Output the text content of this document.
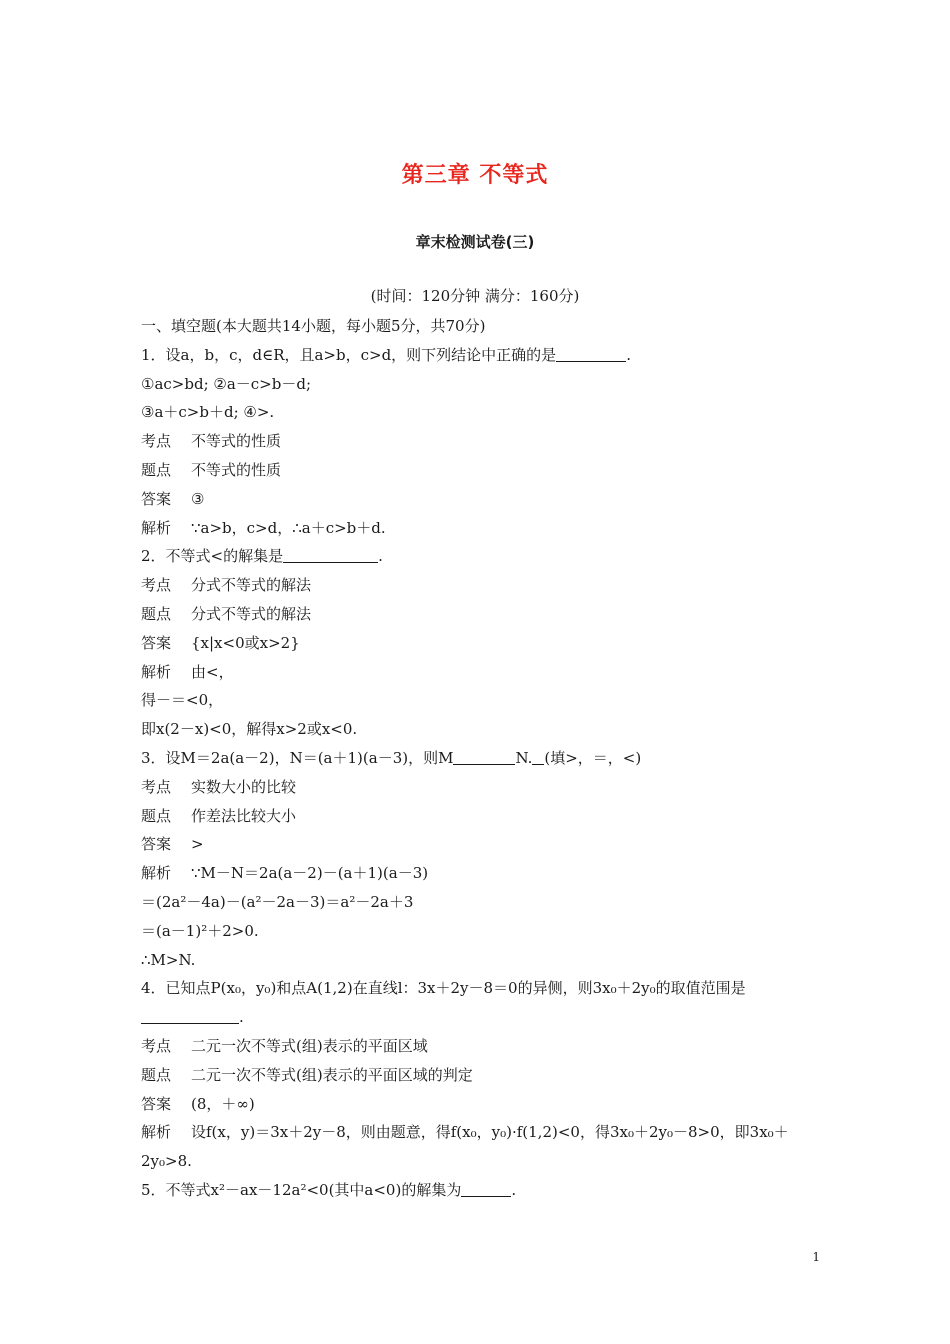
第三章 不等式
章末检测试卷(三)
(时间：120分钟 满分：160分)
一、填空题(本大题共14小题，每小题5分，共70分)
1．设a，b，c，d∈R，且a>b，c>d，则下列结论中正确的是	.
①ac>bd; ②a－c>b－d;
③a＋c>b＋d; ④>.
考点 不等式的性质
题点 不等式的性质
答案 ③
解析 ∵a>b，c>d，∴a＋c>b＋d.
2．不等式<的解集是	.
考点 分式不等式的解法
题点 分式不等式的解法
答案 {x|x<0或x>2}
解析 由<，
得－＝<0，
即x(2－x)<0，解得x>2或x<0.
3．设M＝2a(a－2)，N＝(a＋1)(a－3)，则M	N. (填>，＝，<)
考点 实数大小的比较
题点 作差法比较大小
答案 >
解析 ∵M－N＝2a(a－2)－(a＋1)(a－3)
＝(2a²－4a)－(a²－2a－3)＝a²－2a＋3
＝(a－1)²＋2>0.
∴M>N.
4．已知点P(x₀，y₀)和点A(1,2)在直线l：3x＋2y－8＝0的异侧，则3x₀＋2y₀的取值范围是
.
考点 二元一次不等式(组)表示的平面区域
题点 二元一次不等式(组)表示的平面区域的判定
答案 (8，＋∞)
解析 设f(x，y)＝3x＋2y－8，则由题意，得f(x₀，y₀)·f(1,2)<0，得3x₀＋2y₀－8>0，即3x₀＋2y₀>8.
5．不等式x²－ax－12a²<0(其中a<0)的解集为	.
1
